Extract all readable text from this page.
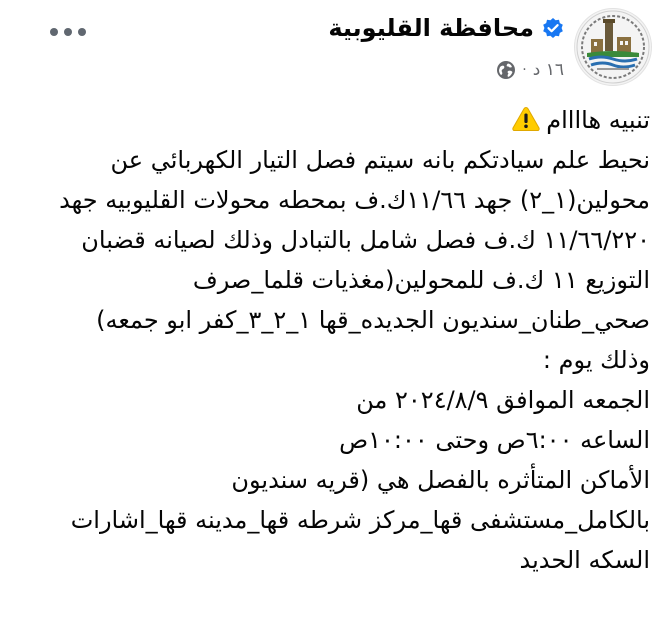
محافظة القليوبية
١٦ د
·
تنبيه هاااام
نحيط علم سيادتكم بانه سيتم فصل التيار الكهربائي عن
محولين(١_٢) جهد ١١/٦٦ك.ف بمحطه محولات القليوبيه جهد
١١/٦٦/٢٢٠ ك.ف فصل شامل بالتبادل وذلك لصيانه قضبان
التوزيع ١١ ك.ف للمحولين(مغذيات قلما_صرف
صحي_طنان_سنديون الجديده_قها ١_٢_٣_كفر ابو جمعه)
وذلك يوم :
الجمعه الموافق ٢٠٢٤/٨/٩ من
الساعه ٦:٠٠ص وحتى ١٠:٠٠ص
الأماكن المتأثره بالفصل هي (قريه سنديون
بالكامل_مستشفى قها_مركز شرطه قها_مدينه قها_اشارات
السكه الحديد
